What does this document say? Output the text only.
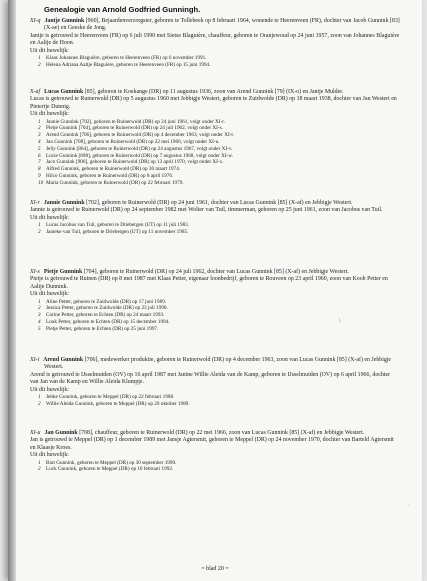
Genealogie van Arnold Godfried Gunningh.

XI-q Jantje Gunnink [960], Bejaardenverzorgster, geboren te Tollebeek op 8 februari 1964, wonende te Heerenveen (FR), dochter van Jacob Gunnink [83] (X-ae) en Geeske de Jong.

Jantje is getrouwd te Heerenveen (FR) op 6 juli 1990 met Sietse Blaguière, chauffeur, geboren te Oranjewoud op 24 juni 1957, zoon van Johannes Blaguière en Aaltje de Hoon.

Uit dit huwelijk:

1 Klaas Johannes Blaguière, geboren te Heerenveen (FR) op 6 november 1991.
2 Helena Adriana Aaltje Blaguière, geboren te Heerenveen (FR) op 15 juni 1994.

X-af Lucas Gunnink [85], geboren te Koekange (DR) op 11 augustus 1936, zoon van Arend Gunnink [79] (IX-o) en Jantje Mulder.

Lucas is getrouwd te Ruinerwold (DR) op 5 augustus 1960 met Jebbigje Westert, geboren te Zuidwolde (DR) op 18 maart 1938, dochter van Jan Westert en Pietertje Dunnig.

Uit dit huwelijk:

1 Jannie Gunnink [702], geboren te Ruinerwold (DR) op 24 juni 1961, volgt onder XI-r.
2 Pietje Gunnink [704], geboren te Ruinerwold (DR) op 24 juli 1962, volgt onder XI-s.
3 Arend Gunnink [706], geboren te Ruinerwold (DR) op 4 december 1963, volgt onder XI-t.
4 Jan Gunnink [708], geboren te Ruinerwold (DR) op 22 mei 1966, volgt onder XI-u.
5 Jelly Gunnink [864], geboren te Ruinerwold (DR) op 24 augustus 1967, volgt onder XI-v.
6 Lucie Gunnink [898], geboren te Ruinerwold (DR) op 7 augustus 1968, volgt onder XI-w.
7 Jaco Gunnink [906], geboren te Ruinerwold (DR) op 13 april 1970, volgt onder XI-x.
8 Alfred Gunnink, geboren te Ruinerwold (DR) op 30 maart 1974.
9 Hilco Gunnink, geboren te Ruinerwold (DR) op 8 april 1976.
10 Maria Gunnink, geboren te Ruinerwold (DR) op 22 februari 1979.

XI-r Jannie Gunnink [702], geboren te Ruinerwold (DR) op 24 juni 1961, dochter van Lucas Gunnink [85] (X-af) en Jebbigje Westert.

Jannie is getrouwd te Ruinerwold (DR) op 24 september 1982 met Wolter van Tuil, timmerman, geboren op 25 juni 1961, zoon van Jacobus van Tuil.

Uit dit huwelijk:

1 Lucas Jacobus van Tuil, geboren te Driebergen (UT) op 11 juli 1983.
2 Janieke van Tuil, geboren te Driebergen (UT) op 11 november 1985.

XI-s Pietje Gunnink [704], geboren te Ruinerwold (DR) op 24 juli 1962, dochter van Lucas Gunnink [85] (X-af) en Jebbigje Westert.

Pietje is getrouwd te Ruinen (DR) op 8 mei 1987 met Klaas Petter, eigenaar loonbedrijf, geboren te Rouveen op 23 april 1960, zoon van Koob Petter en Aaltje Dunnink.

Uit dit huwelijk:

1 Aline Petter, geboren te Zuidwolde (DR) op 17 juni 1989.
2 Jessica Petter, geboren te Zuidwolde (DR) op 23 juli 1990.
3 Corine Petter, geboren te Echten (DR) op 24 maart 1993.
4 Louk Petter, geboren te Echten (DR) op 15 december 1994.
5 Pietje Petter, geboren te Echten (DR) op 25 juni 1997.

XI-t Arend Gunnink [706], medewerker produktie, geboren te Ruinerwold (DR) op 4 december 1963, zoon van Lucas Gunnink [85] (X-af) en Jebbigje Westert.

Arend is getrouwd te IJsselmuiden (OV) op 16 april 1987 met Janine Willie Aleida van de Kamp, geboren te IJsselmuiden (OV) op 6 april 1966, dochter van Jan van de Kamp en Willie Aleida Klumpje.

Uit dit huwelijk:

1 Jebke Gunnink, geboren te Meppel (DR) op 22 februari 1988.
2 Willie Aleida Gunnink, geboren te Meppel (DR) op 20 oktober 1989.

XI-u Jan Gunnink [708], chauffeur, geboren te Ruinerwold (DR) op 22 mei 1966, zoon van Lucas Gunnink [85] (X-af) en Jebbigje Westert.

Jan is getrouwd te Meppel (DR) op 1 december 1989 met Jansje Agtersmit, geboren te Meppel (DR) op 24 november 1970, dochter van Barteld Agtersmit en Klaasje Kroes.

Uit dit huwelijk:

1 Bart Gunnink, geboren te Meppel (DR) op 30 september 1990.
2 Luck Gunnink, geboren te Meppel (DR) op 10 februari 1992.
∖
‘
= blad 20 =
